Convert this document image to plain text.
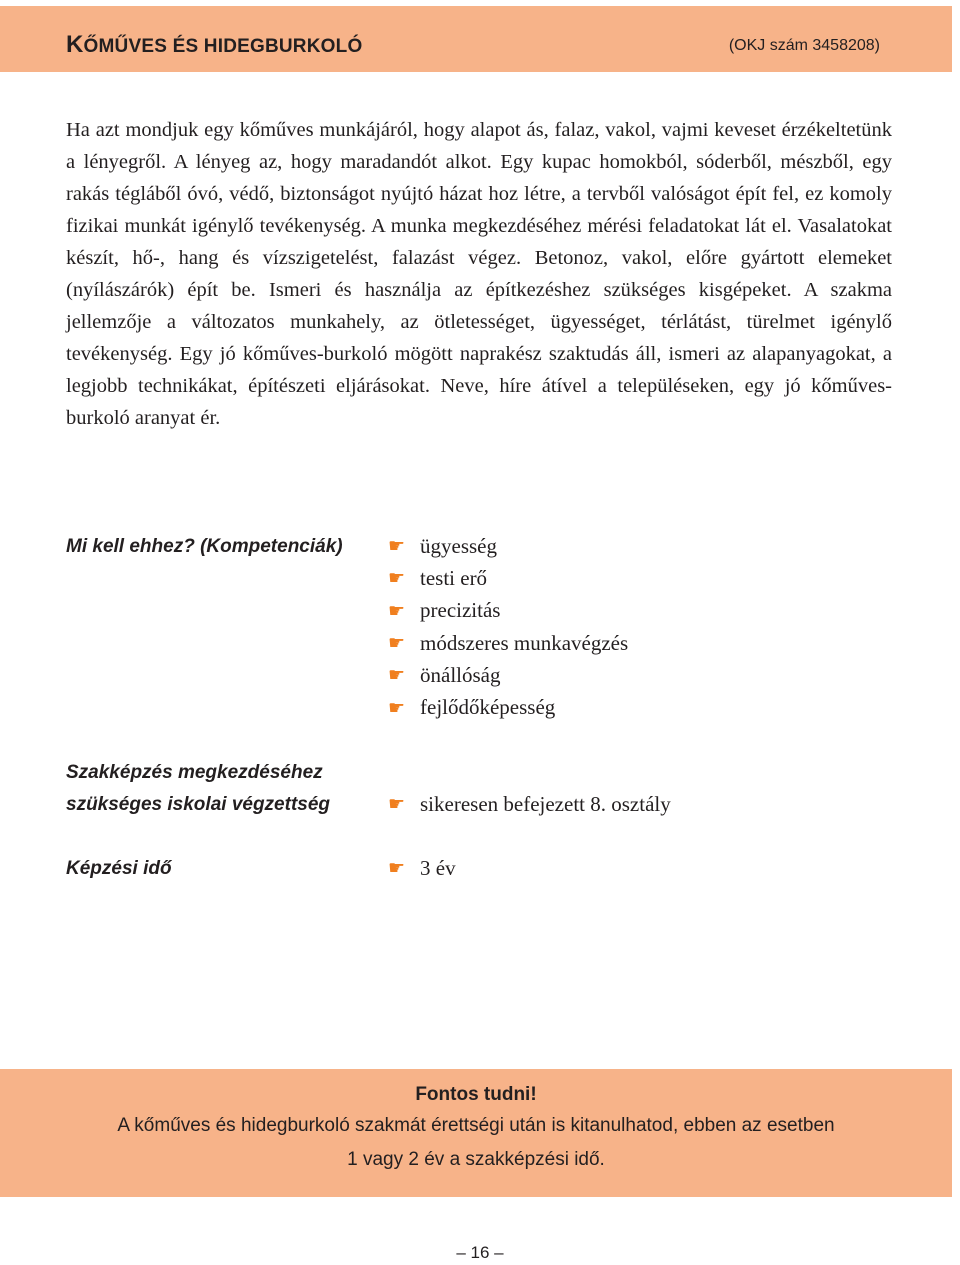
KŐMŰVES ÉS HIDEGBURKOLÓ	(OKJ szám 3458208)

Ha azt mondjuk egy kőműves munkájáról, hogy alapot ás, falaz, vakol, vajmi keveset érzékeltetünk a lényegről. A lényeg az, hogy maradandót alkot. Egy kupac homokból, sóderből, mészből, egy rakás tégláből óvó, védő, biztonságot nyújtó házat hoz létre, a tervből valóságot épít fel, ez komoly fizikai munkát igénylő tevékenység. A munka megkezdéséhez mérési feladatokat lát el. Vasalatokat készít, hő-, hang és vízszigetelést, falazást végez. Betonoz, vakol, előre gyártott elemeket (nyílászárók) épít be. Ismeri és használja az építkezéshez szükséges kisgépeket. A szakma jellemzője a változatos munkahely, az ötletességet, ügyességet, térlátást, türelmet igénylő tevékenység. Egy jó kőműves-burkoló mögött naprakész szaktudás áll, ismeri az alapanyagokat, a legjobb technikákat, építészeti eljárásokat. Neve, híre átível a településeken, egy jó kőműves-burkoló aranyat ér.

Mi kell ehhez? (Kompetenciák) ☛ ügyesség
☛ testi erő
☛ precizitás
☛ módszeres munkavégzés
☛ önállóság
☛ fejlődőképesség
Szakképzés megkezdéséhez
szükséges iskolai végzettség	☛ sikeresen befejezett 8. osztály
Képzési idő	☛ 3 év
Fontos tudni!
A kőműves és hidegburkoló szakmát érettségi után is kitanulhatod, ebben az esetben
1 vagy 2 év a szakképzési idő.
– 16 –
